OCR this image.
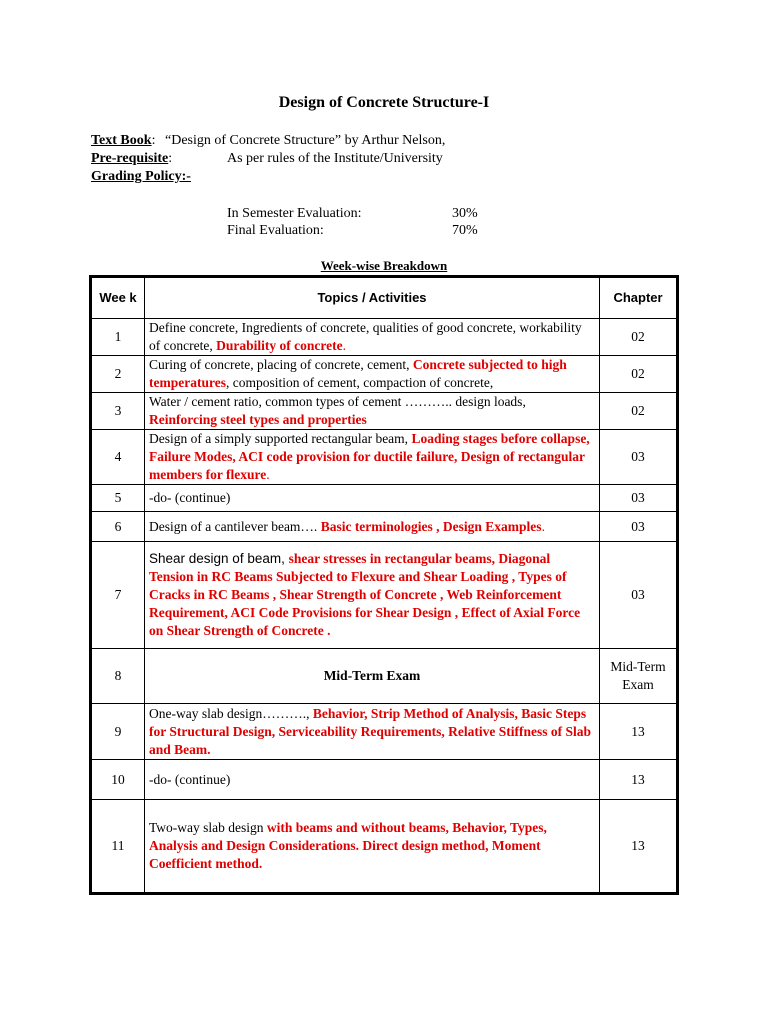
Design of Concrete Structure-I
Text Book: “Design of Concrete Structure” by Arthur Nelson,
Pre-requisite:	As per rules of the Institute/University
Grading Policy:-
In Semester Evaluation:	30%
Final Evaluation:	70%
Week-wise Breakdown
Wee k	Topics / Activities	Chapter
1	Define concrete, Ingredients of concrete, qualities of good concrete, workability of concrete, Durability of concrete.	02
2	Curing of concrete, placing of concrete, cement, Concrete subjected to high temperatures, composition of cement, compaction of concrete,	02
3	Water / cement ratio, common types of cement ……….. design loads, Reinforcing steel types and properties	02
4	Design of a simply supported rectangular beam, Loading stages before collapse, Failure Modes, ACI code provision for ductile failure, Design of rectangular members for flexure.	03
5	-do- (continue)	03
6	Design of a cantilever beam…. Basic terminologies , Design Examples.	03
7	Shear design of beam, shear stresses in rectangular beams, Diagonal Tension in RC Beams Subjected to Flexure and Shear Loading , Types of Cracks in RC Beams , Shear Strength of Concrete , Web Reinforcement Requirement, ACI Code Provisions for Shear Design , Effect of Axial Force on Shear Strength of Concrete .	03
8	Mid-Term Exam	Mid-Term Exam
9	One-way slab design………., Behavior, Strip Method of Analysis, Basic Steps for Structural Design, Serviceability Requirements, Relative Stiffness of Slab and Beam.	13
10	-do- (continue)	13
11	Two-way slab design with beams and without beams, Behavior, Types, Analysis and Design Considerations. Direct design method, Moment Coefficient method.	13
